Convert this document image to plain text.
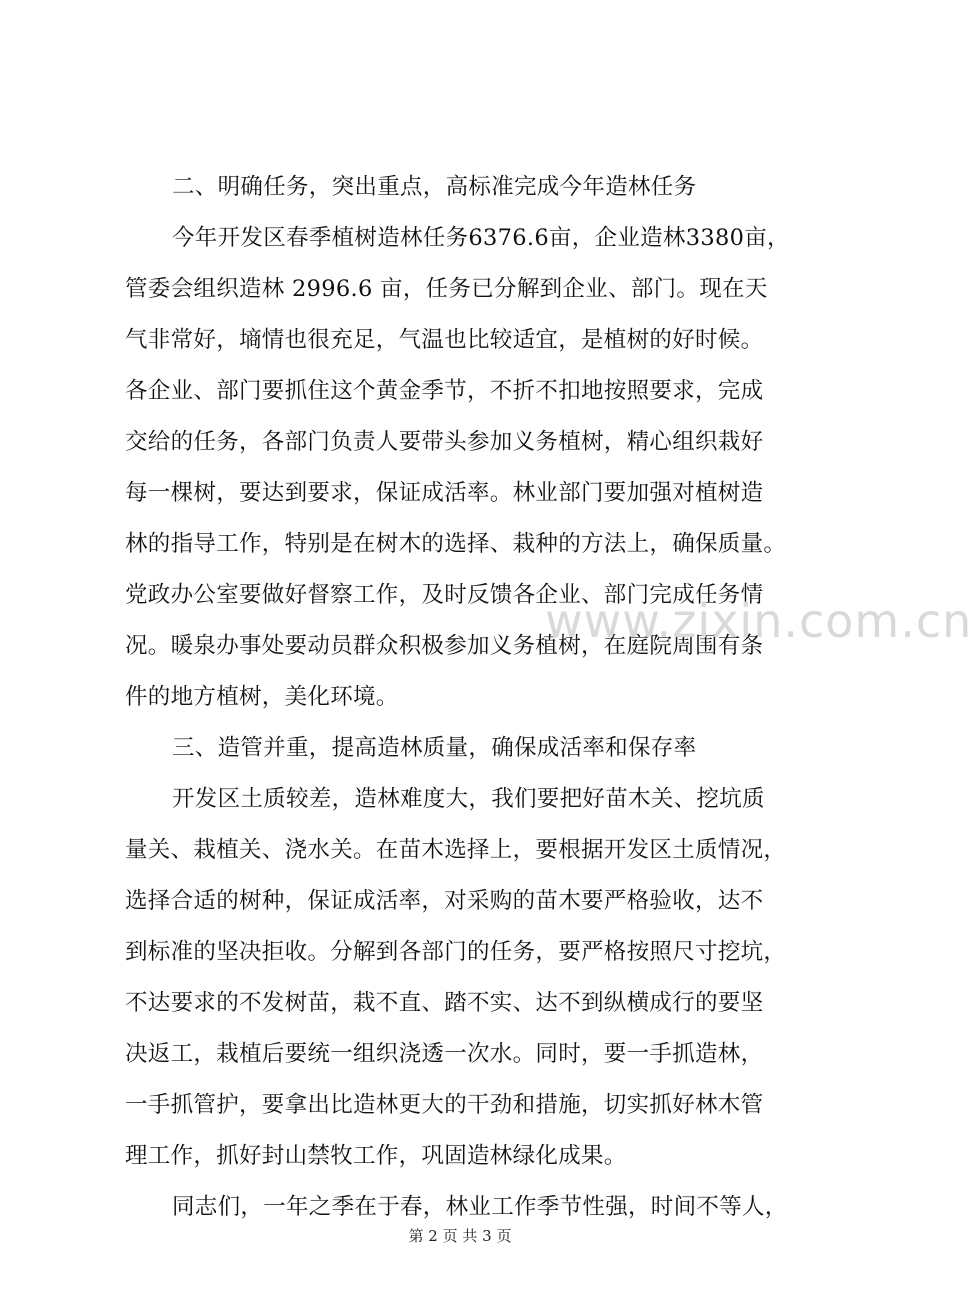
二、明确任务，突出重点，高标准完成今年造林任务
今年开发区春季植树造林任务6376.6亩，企业造林3380亩，
管委会组织造林 2996.6 亩，任务已分解到企业、部门。现在天
气非常好，墒情也很充足，气温也比较适宜，是植树的好时候。
各企业、部门要抓住这个黄金季节，不折不扣地按照要求，完成
交给的任务，各部门负责人要带头参加义务植树，精心组织栽好
每一棵树，要达到要求，保证成活率。林业部门要加强对植树造
林的指导工作，特别是在树木的选择、栽种的方法上，确保质量。
党政办公室要做好督察工作，及时反馈各企业、部门完成任务情
况。暖泉办事处要动员群众积极参加义务植树，在庭院周围有条
件的地方植树，美化环境。
三、造管并重，提高造林质量，确保成活率和保存率
开发区土质较差，造林难度大，我们要把好苗木关、挖坑质
量关、栽植关、浇水关。在苗木选择上，要根据开发区土质情况，
选择合适的树种，保证成活率，对采购的苗木要严格验收，达不
到标准的坚决拒收。分解到各部门的任务，要严格按照尺寸挖坑，
不达要求的不发树苗，栽不直、踏不实、达不到纵横成行的要坚
决返工，栽植后要统一组织浇透一次水。同时，要一手抓造林，
一手抓管护，要拿出比造林更大的干劲和措施，切实抓好林木管
理工作，抓好封山禁牧工作，巩固造林绿化成果。
同志们，一年之季在于春，林业工作季节性强，时间不等人，
www.zixin.com.cn
第 2 页 共 3 页
